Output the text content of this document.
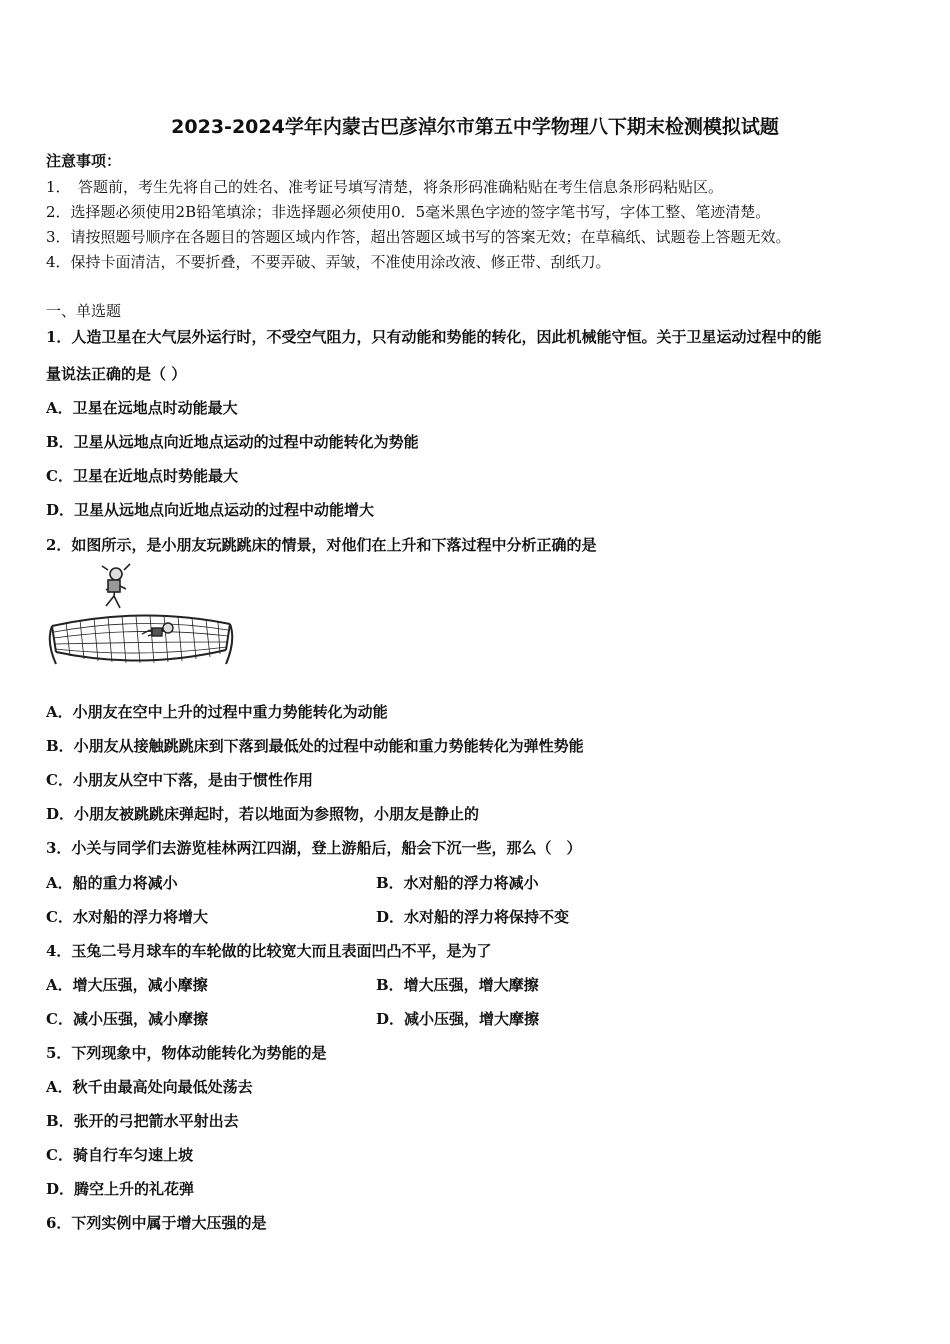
2023-2024学年内蒙古巴彦淖尔市第五中学物理八下期末检测模拟试题
注意事项：
1．　答题前，考生先将自己的姓名、准考证号填写清楚，将条形码准确粘贴在考生信息条形码粘贴区。
2．选择题必须使用2B铅笔填涂；非选择题必须使用0．5毫米黑色字迹的签字笔书写，字体工整、笔迹清楚。
3．请按照题号顺序在各题目的答题区域内作答，超出答题区域书写的答案无效；在草稿纸、试题卷上答题无效。
4．保持卡面清洁，不要折叠，不要弄破、弄皱，不准使用涂改液、修正带、刮纸刀。
一、单选题
1．人造卫星在大气层外运行时，不受空气阻力，只有动能和势能的转化，因此机械能守恒。关于卫星运动过程中的能
量说法正确的是（ ）
A．卫星在远地点时动能最大
B．卫星从远地点向近地点运动的过程中动能转化为势能
C．卫星在近地点时势能最大
D．卫星从远地点向近地点运动的过程中动能增大
2．如图所示，是小朋友玩跳跳床的情景，对他们在上升和下落过程中分析正确的是
A．小朋友在空中上升的过程中重力势能转化为动能
B．小朋友从接触跳跳床到下落到最低处的过程中动能和重力势能转化为弹性势能
C．小朋友从空中下落，是由于惯性作用
D．小朋友被跳跳床弹起时，若以地面为参照物，小朋友是静止的
3．小关与同学们去游览桂林两江四湖，登上游船后，船会下沉一些，那么（　）
A．船的重力将减小	B．水对船的浮力将减小
C．水对船的浮力将增大	D．水对船的浮力将保持不变
4．玉兔二号月球车的车轮做的比较宽大而且表面凹凸不平，是为了
A．增大压强，减小摩擦	B．增大压强，增大摩擦
C．减小压强，减小摩擦	D．减小压强，增大摩擦
5．下列现象中，物体动能转化为势能的是
A．秋千由最高处向最低处荡去
B．张开的弓把箭水平射出去
C．骑自行车匀速上坡
D．腾空上升的礼花弹
6．下列实例中属于增大压强的是
